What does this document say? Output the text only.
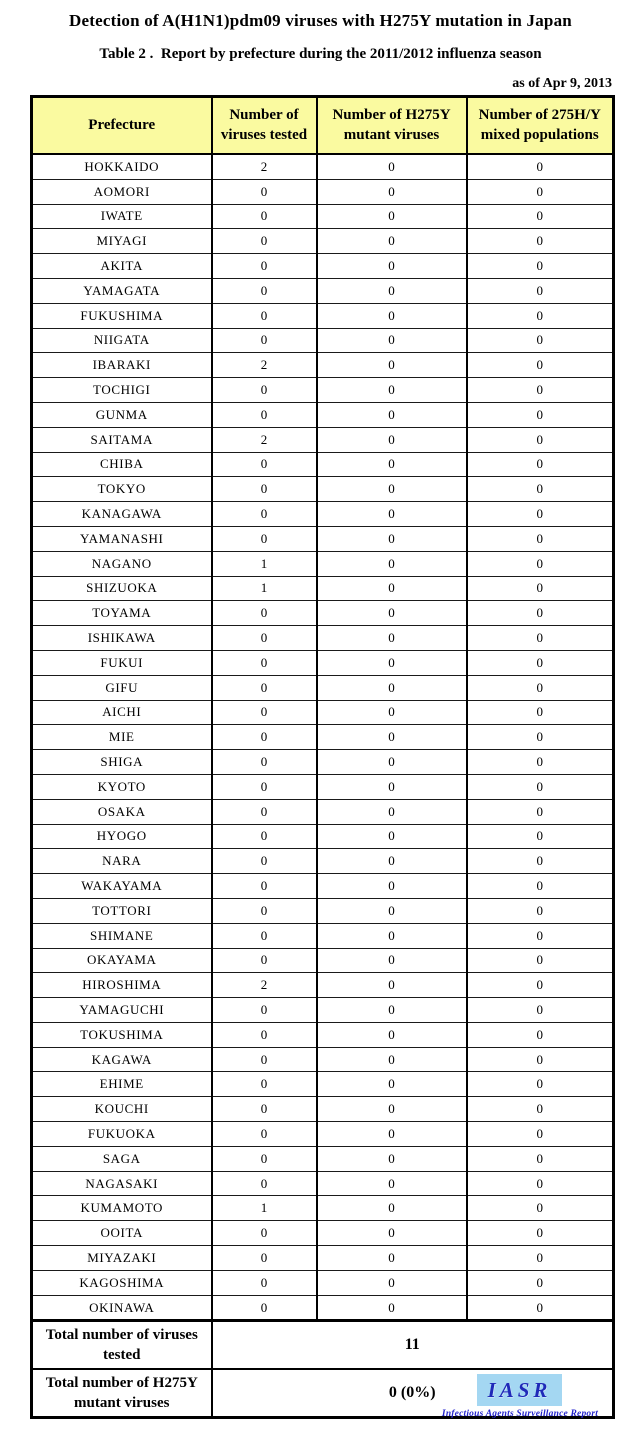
Detection of A(H1N1)pdm09 viruses with H275Y mutation in Japan
Table 2 .  Report by prefecture during the 2011/2012 influenza season
as of Apr 9, 2013
Prefecture	Number of viruses tested	Number of H275Y mutant viruses	Number of 275H/Y mixed populations
HOKKAIDO	2	0	0
AOMORI	0	0	0
IWATE	0	0	0
MIYAGI	0	0	0
AKITA	0	0	0
YAMAGATA	0	0	0
FUKUSHIMA	0	0	0
NIIGATA	0	0	0
IBARAKI	2	0	0
TOCHIGI	0	0	0
GUNMA	0	0	0
SAITAMA	2	0	0
CHIBA	0	0	0
TOKYO	0	0	0
KANAGAWA	0	0	0
YAMANASHI	0	0	0
NAGANO	1	0	0
SHIZUOKA	1	0	0
TOYAMA	0	0	0
ISHIKAWA	0	0	0
FUKUI	0	0	0
GIFU	0	0	0
AICHI	0	0	0
MIE	0	0	0
SHIGA	0	0	0
KYOTO	0	0	0
OSAKA	0	0	0
HYOGO	0	0	0
NARA	0	0	0
WAKAYAMA	0	0	0
TOTTORI	0	0	0
SHIMANE	0	0	0
OKAYAMA	0	0	0
HIROSHIMA	2	0	0
YAMAGUCHI	0	0	0
TOKUSHIMA	0	0	0
KAGAWA	0	0	0
EHIME	0	0	0
KOUCHI	0	0	0
FUKUOKA	0	0	0
SAGA	0	0	0
NAGASAKI	0	0	0
KUMAMOTO	1	0	0
OOITA	0	0	0
MIYAZAKI	0	0	0
KAGOSHIMA	0	0	0
OKINAWA	0	0	0
Total number of viruses tested	11		
Total number of H275Y mutant viruses	0 (0%)			IASR
Infectious Agents Surveillance Report
